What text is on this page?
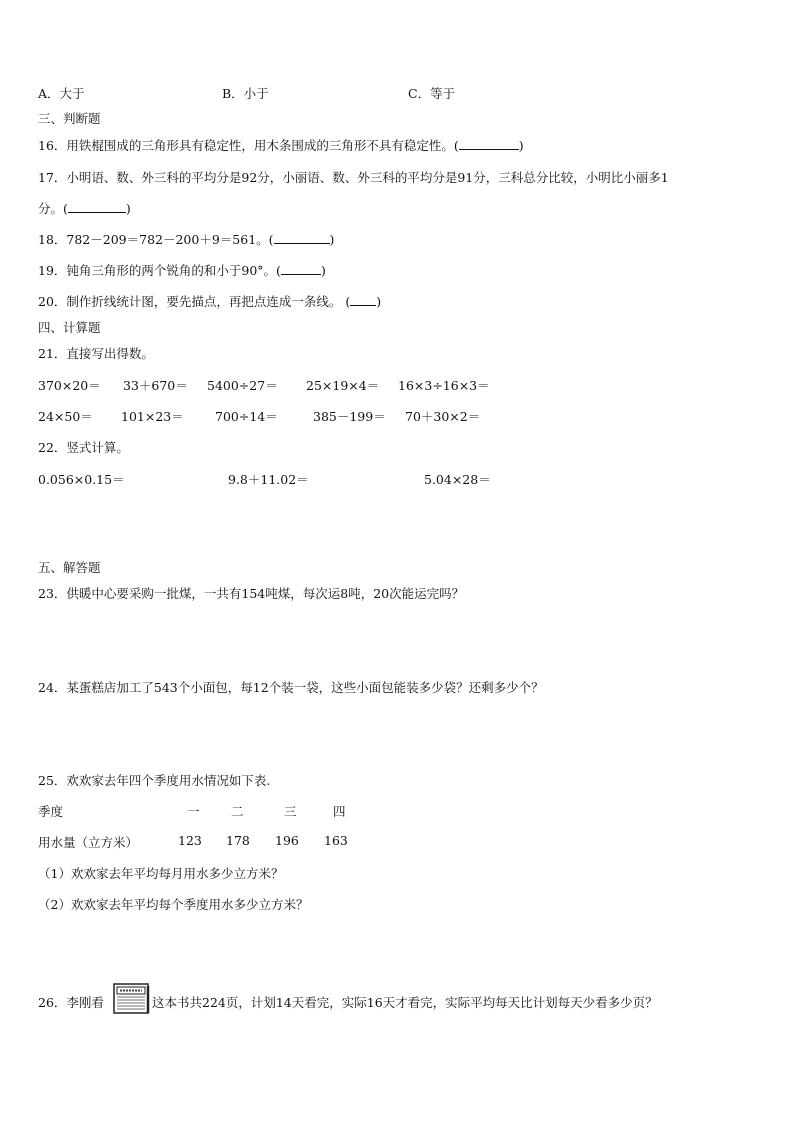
A．大于	B．小于	C．等于
三、判断题
16．用铁棍围成的三角形具有稳定性，用木条围成的三角形不具有稳定性。(	)
17．小明语、数、外三科的平均分是92分，小丽语、数、外三科的平均分是91分，三科总分比较，小明比小丽多1
分。(	)
18．782－209＝782－200＋9＝561。(	)
19．钝角三角形的两个锐角的和小于90°。(	)
20．制作折线统计图，要先描点，再把点连成一条线。 ( )
四、计算题
21．直接写出得数。
370×20＝ 33＋670＝ 5400÷27＝ 25×19×4＝ 16×3÷16×3＝
24×50＝ 101×23＝	700÷14＝	385－199＝ 70＋30×2＝
22．竖式计算。
0.056×0.15＝	9.8＋11.02＝	5.04×28＝
五、解答题
23．供暖中心要采购一批煤，一共有154吨煤，每次运8吨，20次能运完吗？
24．某蛋糕店加工了543个小面包，每12个装一袋，这些小面包能装多少袋？还剩多少个？
25．欢欢家去年四个季度用水情况如下表.
季度	一	二	三	四
用水量（立方米）	123 178 196 163
（1）欢欢家去年平均每月用水多少立方米？
（2）欢欢家去年平均每个季度用水多少立方米？
26．李刚看	这本书共224页，计划14天看完，实际16天才看完，实际平均每天比计划每天少看多少页？
